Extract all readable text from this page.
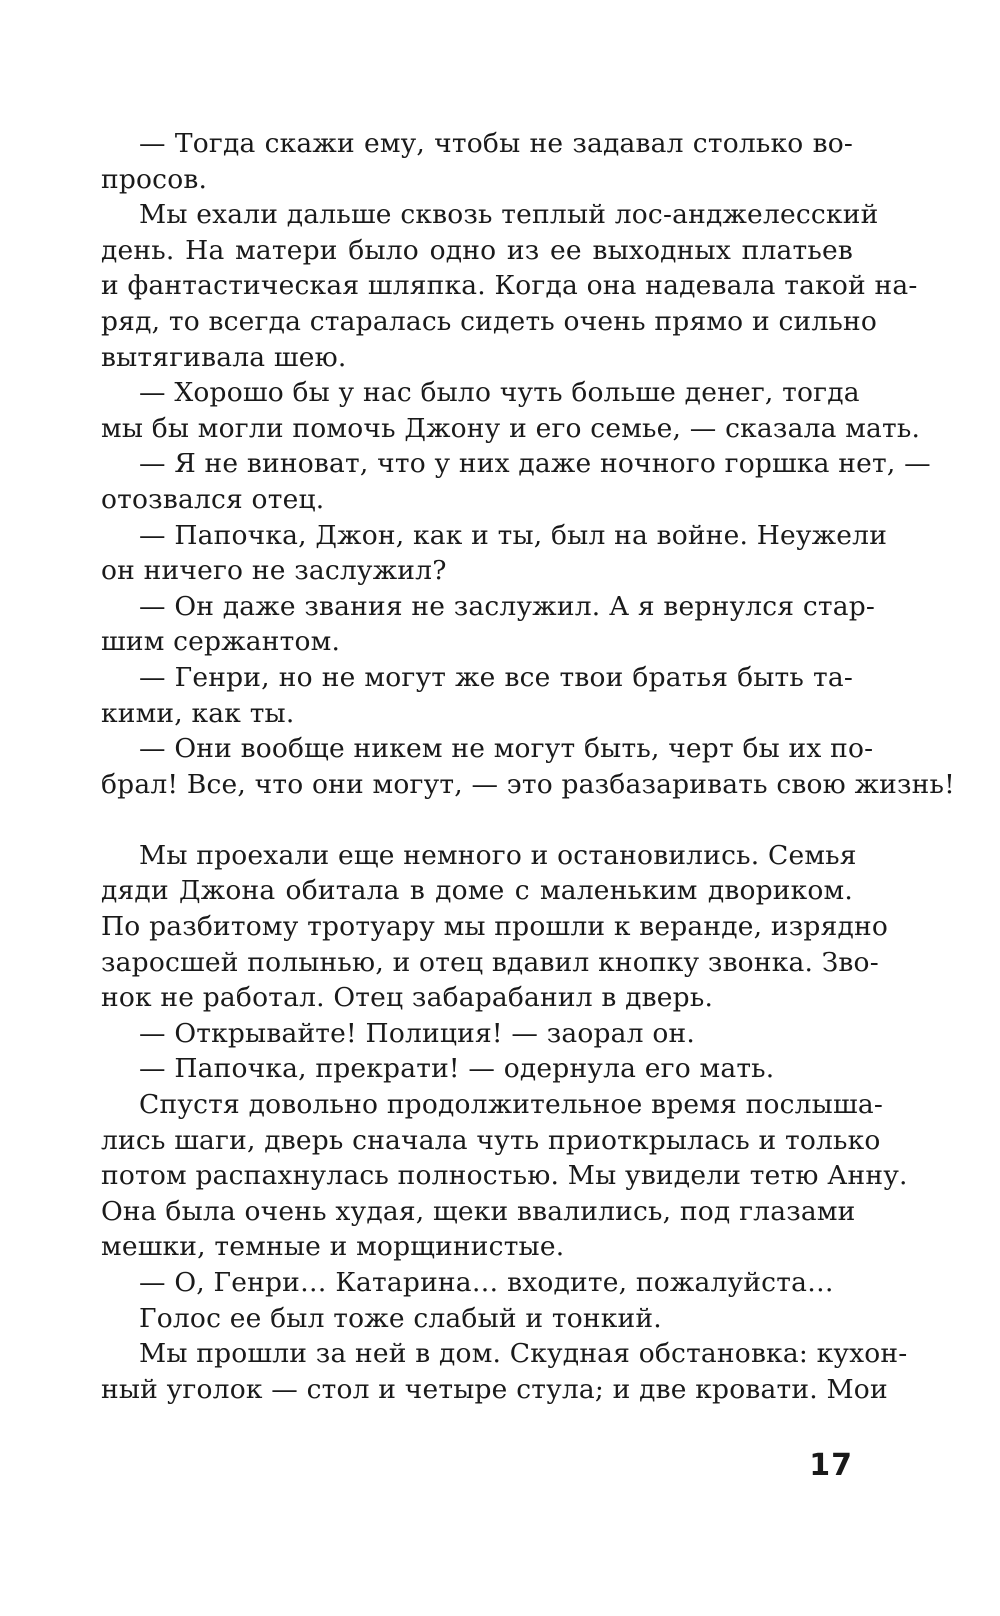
— Тогда скажи ему, чтобы не задавал столько во-
просов.
Мы ехали дальше сквозь теплый лос-анджелесский
день. На матери было одно из ее выходных платьев
и фантастическая шляпка. Когда она надевала такой на-
ряд, то всегда старалась сидеть очень прямо и сильно
вытягивала шею.
— Хорошо бы у нас было чуть больше денег, тогда
мы бы могли помочь Джону и его семье, — сказала мать.
— Я не виноват, что у них даже ночного горшка нет, —
отозвался отец.
— Папочка, Джон, как и ты, был на войне. Неужели
он ничего не заслужил?
— Он даже звания не заслужил. А я вернулся стар-
шим сержантом.
— Генри, но не могут же все твои братья быть та-
кими, как ты.
— Они вообще никем не могут быть, черт бы их по-
брал! Все, что они могут, — это разбазаривать свою жизнь!
Мы проехали еще немного и остановились. Семья
дяди Джона обитала в доме с маленьким двориком.
По разбитому тротуару мы прошли к веранде, изрядно
заросшей полынью, и отец вдавил кнопку звонка. Зво-
нок не работал. Отец забарабанил в дверь.
— Открывайте! Полиция! — заорал он.
— Папочка, прекрати! — одернула его мать.
Спустя довольно продолжительное время послыша-
лись шаги, дверь сначала чуть приоткрылась и только
потом распахнулась полностью. Мы увидели тетю Анну.
Она была очень худая, щеки ввалились, под глазами
мешки, темные и морщинистые.
— О, Генри… Катарина… входите, пожалуйста…
Голос ее был тоже слабый и тонкий.
Мы прошли за ней в дом. Скудная обстановка: кухон-
ный уголок — стол и четыре стула; и две кровати. Мои
17
